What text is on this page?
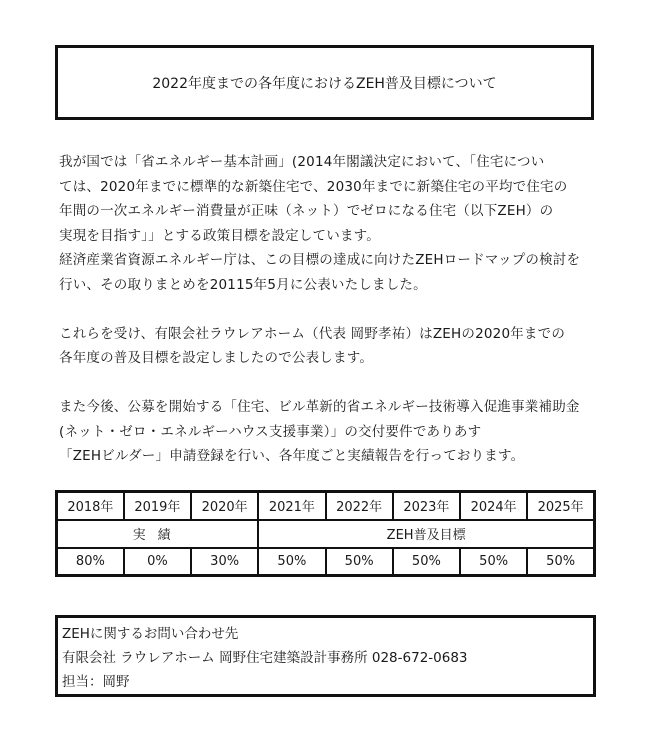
2022年度までの各年度におけるZEH普及目標について

我が国では「省エネルギー基本計画」(2014年閣議決定において、「住宅につい
ては、2020年までに標準的な新築住宅で、2030年までに新築住宅の平均で住宅の
年間の一次エネルギー消費量が正味（ネット）でゼロになる住宅（以下ZEH）の
実現を目指す」」とする政策目標を設定しています。
経済産業省資源エネルギー庁は、この目標の達成に向けたZEHロードマップの検討を
行い、その取りまとめを20115年5月に公表いたしました。

これらを受け、有限会社ラウレアホーム（代表 岡野孝祐）はZEHの2020年までの
各年度の普及目標を設定しましたので公表します。

また今後、公募を開始する「住宅、ビル革新的省エネルギー技術導入促進事業補助金
(ネット・ゼロ・エネルギーハウス支援事業）」の交付要件でありあす
「ZEHビルダー」申請登録を行い、各年度ごと実績報告を行っております。

2018年	2019年	2020年	2021年	2022年	2023年	2024年	2025年
実績			ZEH普及目標				
80%	0%	30%	50%	50%	50%	50%	50%
ZEHに関するお問い合わせ先
有限会社 ラウレアホーム 岡野住宅建築設計事務所 028-672-0683
担当：岡野
